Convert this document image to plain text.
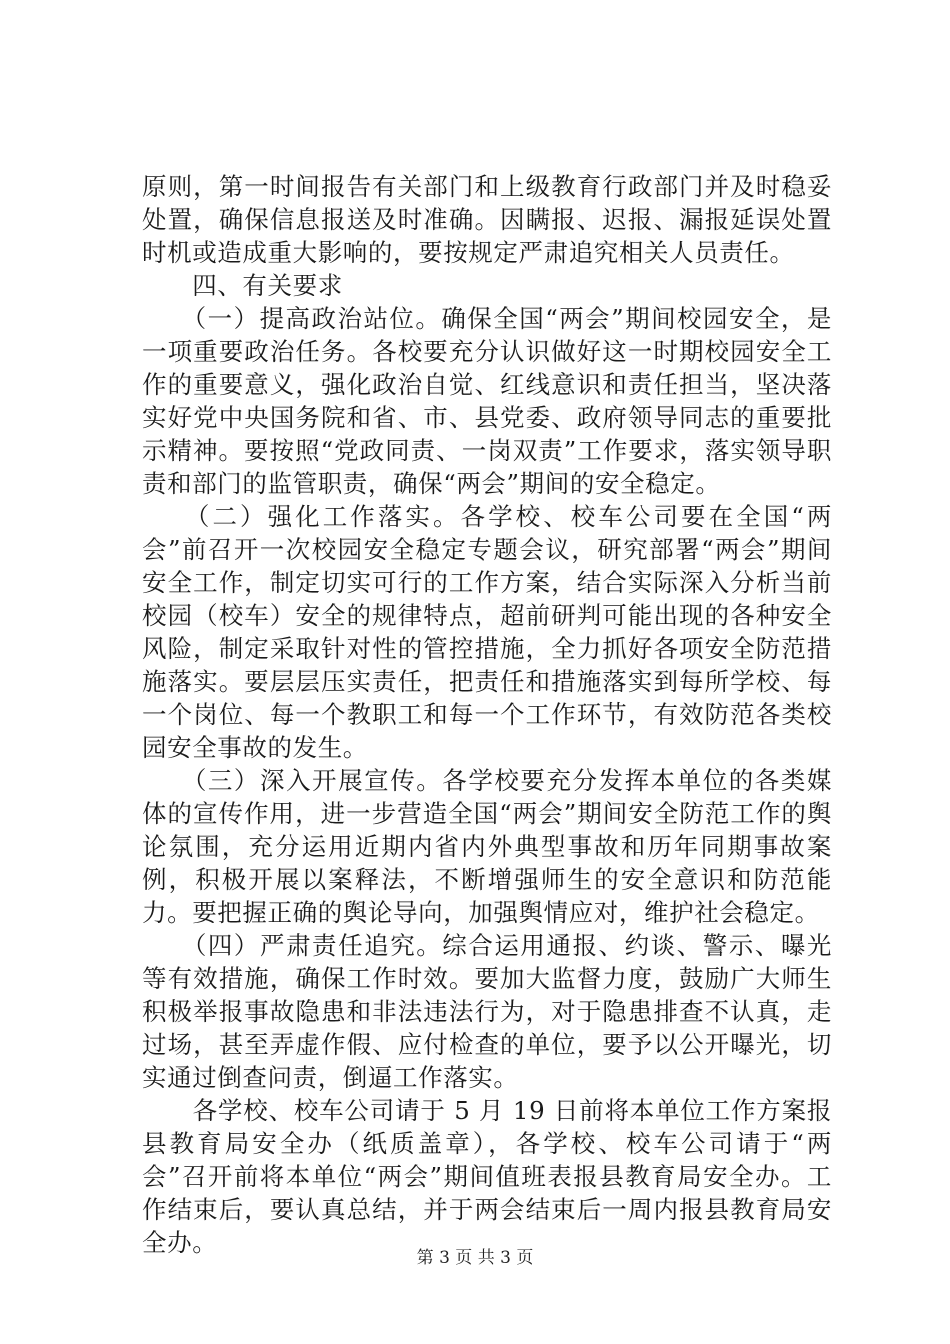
原则，第一时间报告有关部门和上级教育行政部门并及时稳妥处置，确保信息报送及时准确。因瞒报、迟报、漏报延误处置时机或造成重大影响的，要按规定严肃追究相关人员责任。

　　四、有关要求

　　（一）提高政治站位。确保全国“两会”期间校园安全，是一项重要政治任务。各校要充分认识做好这一时期校园安全工作的重要意义，强化政治自觉、红线意识和责任担当，坚决落实好党中央国务院和省、市、县党委、政府领导同志的重要批示精神。要按照“党政同责、一岗双责”工作要求，落实领导职责和部门的监管职责，确保“两会”期间的安全稳定。

　　（二）强化工作落实。各学校、校车公司要在全国“两会”前召开一次校园安全稳定专题会议，研究部署“两会”期间安全工作，制定切实可行的工作方案，结合实际深入分析当前校园（校车）安全的规律特点，超前研判可能出现的各种安全风险，制定采取针对性的管控措施，全力抓好各项安全防范措施落实。要层层压实责任，把责任和措施落实到每所学校、每一个岗位、每一个教职工和每一个工作环节，有效防范各类校园安全事故的发生。

　　（三）深入开展宣传。各学校要充分发挥本单位的各类媒体的宣传作用，进一步营造全国“两会”期间安全防范工作的舆论氛围，充分运用近期内省内外典型事故和历年同期事故案例，积极开展以案释法，不断增强师生的安全意识和防范能力。要把握正确的舆论导向，加强舆情应对，维护社会稳定。

　　（四）严肃责任追究。综合运用通报、约谈、警示、曝光等有效措施，确保工作时效。要加大监督力度，鼓励广大师生积极举报事故隐患和非法违法行为，对于隐患排查不认真，走过场，甚至弄虚作假、应付检查的单位，要予以公开曝光，切实通过倒查问责，倒逼工作落实。

　　各学校、校车公司请于 5 月 19 日前将本单位工作方案报县教育局安全办（纸质盖章），各学校、校车公司请于“两会”召开前将本单位“两会”期间值班表报县教育局安全办。工作结束后，要认真总结，并于两会结束后一周内报县教育局安全办。

第 3 页 共 3 页
